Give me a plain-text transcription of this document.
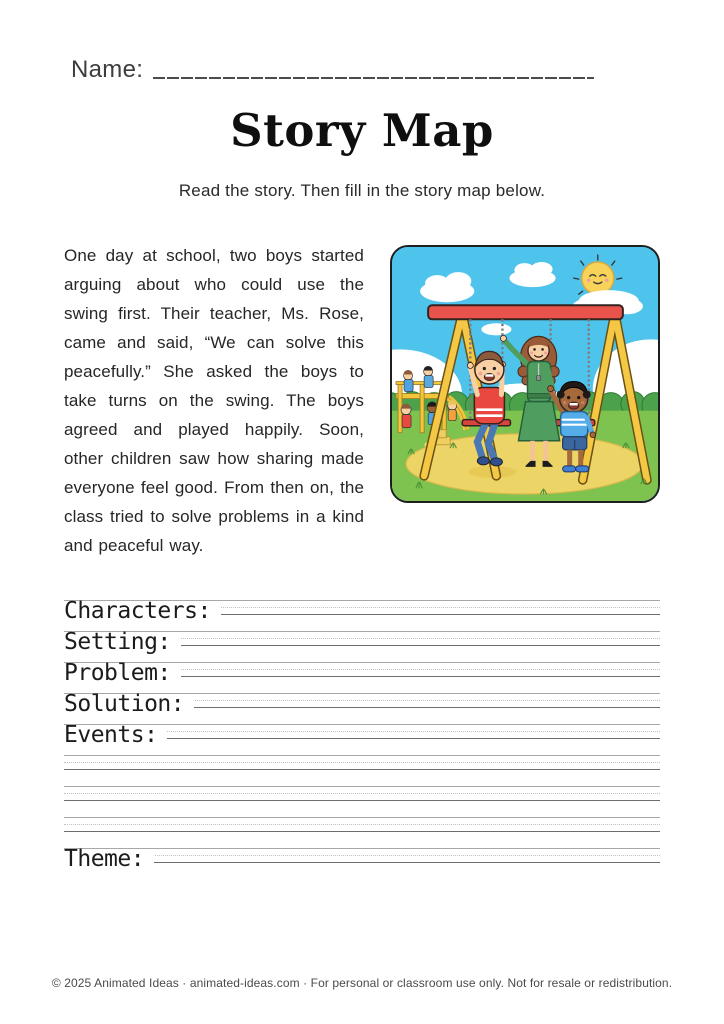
Name:
Story Map
Read the story. Then fill in the story map below.
One day at school, two boys started arguing about who could use the swing first. Their teacher, Ms. Rose, came and said, “We can solve this peacefully.” She asked the boys to take turns on the swing. The boys agreed and played happily. Soon, other children saw how sharing made everyone feel good. From then on, the class tried to solve problems in a kind and peaceful way.
Characters:
Setting:
Problem:
Solution:
Events:
Theme:
© 2025 Animated Ideas · animated-ideas.com · For personal or classroom use only. Not for resale or redistribution.
